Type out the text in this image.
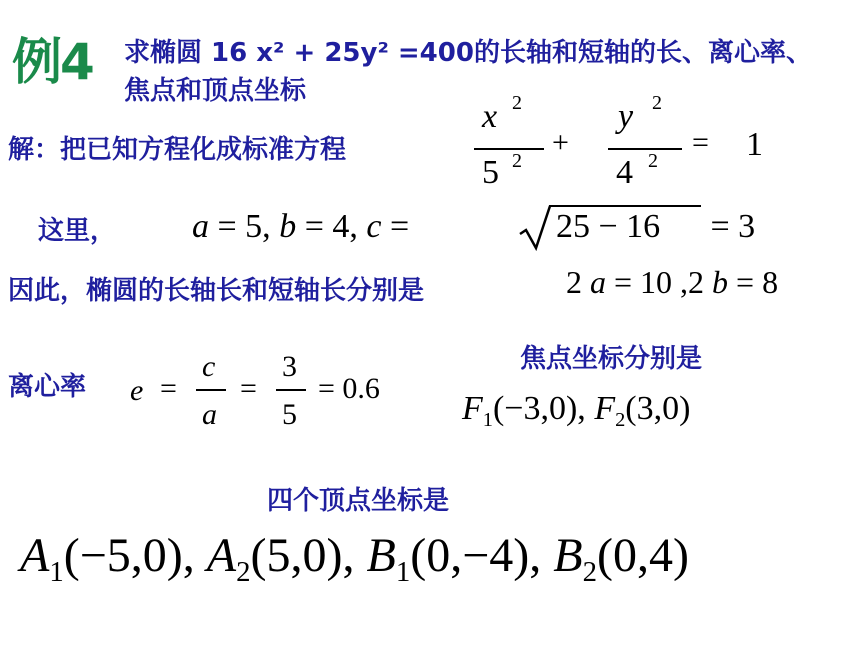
例4 求椭圆 16 x² + 25y² =400的长轴和短轴的长、离心率、焦点和顶点坐标
解：把已知方程化成标准方程
x 2
5 2
+
y 2
4 2
= 1
这里， a = 5, b = 4, c =	25 − 16 = 3
因此，椭圆的长轴长和短轴长分别是	2 a = 10 ,2 b = 8
离心率 e =
c
a
=
3
5
= 0.6
焦点坐标分别是
$F_1(-3,0)$, $F_2(3,0)$
四个顶点坐标是
$A_1(-5,0)$, $A_2(5,0)$, $B_1(0,-4)$, $B_2(0,4)$
